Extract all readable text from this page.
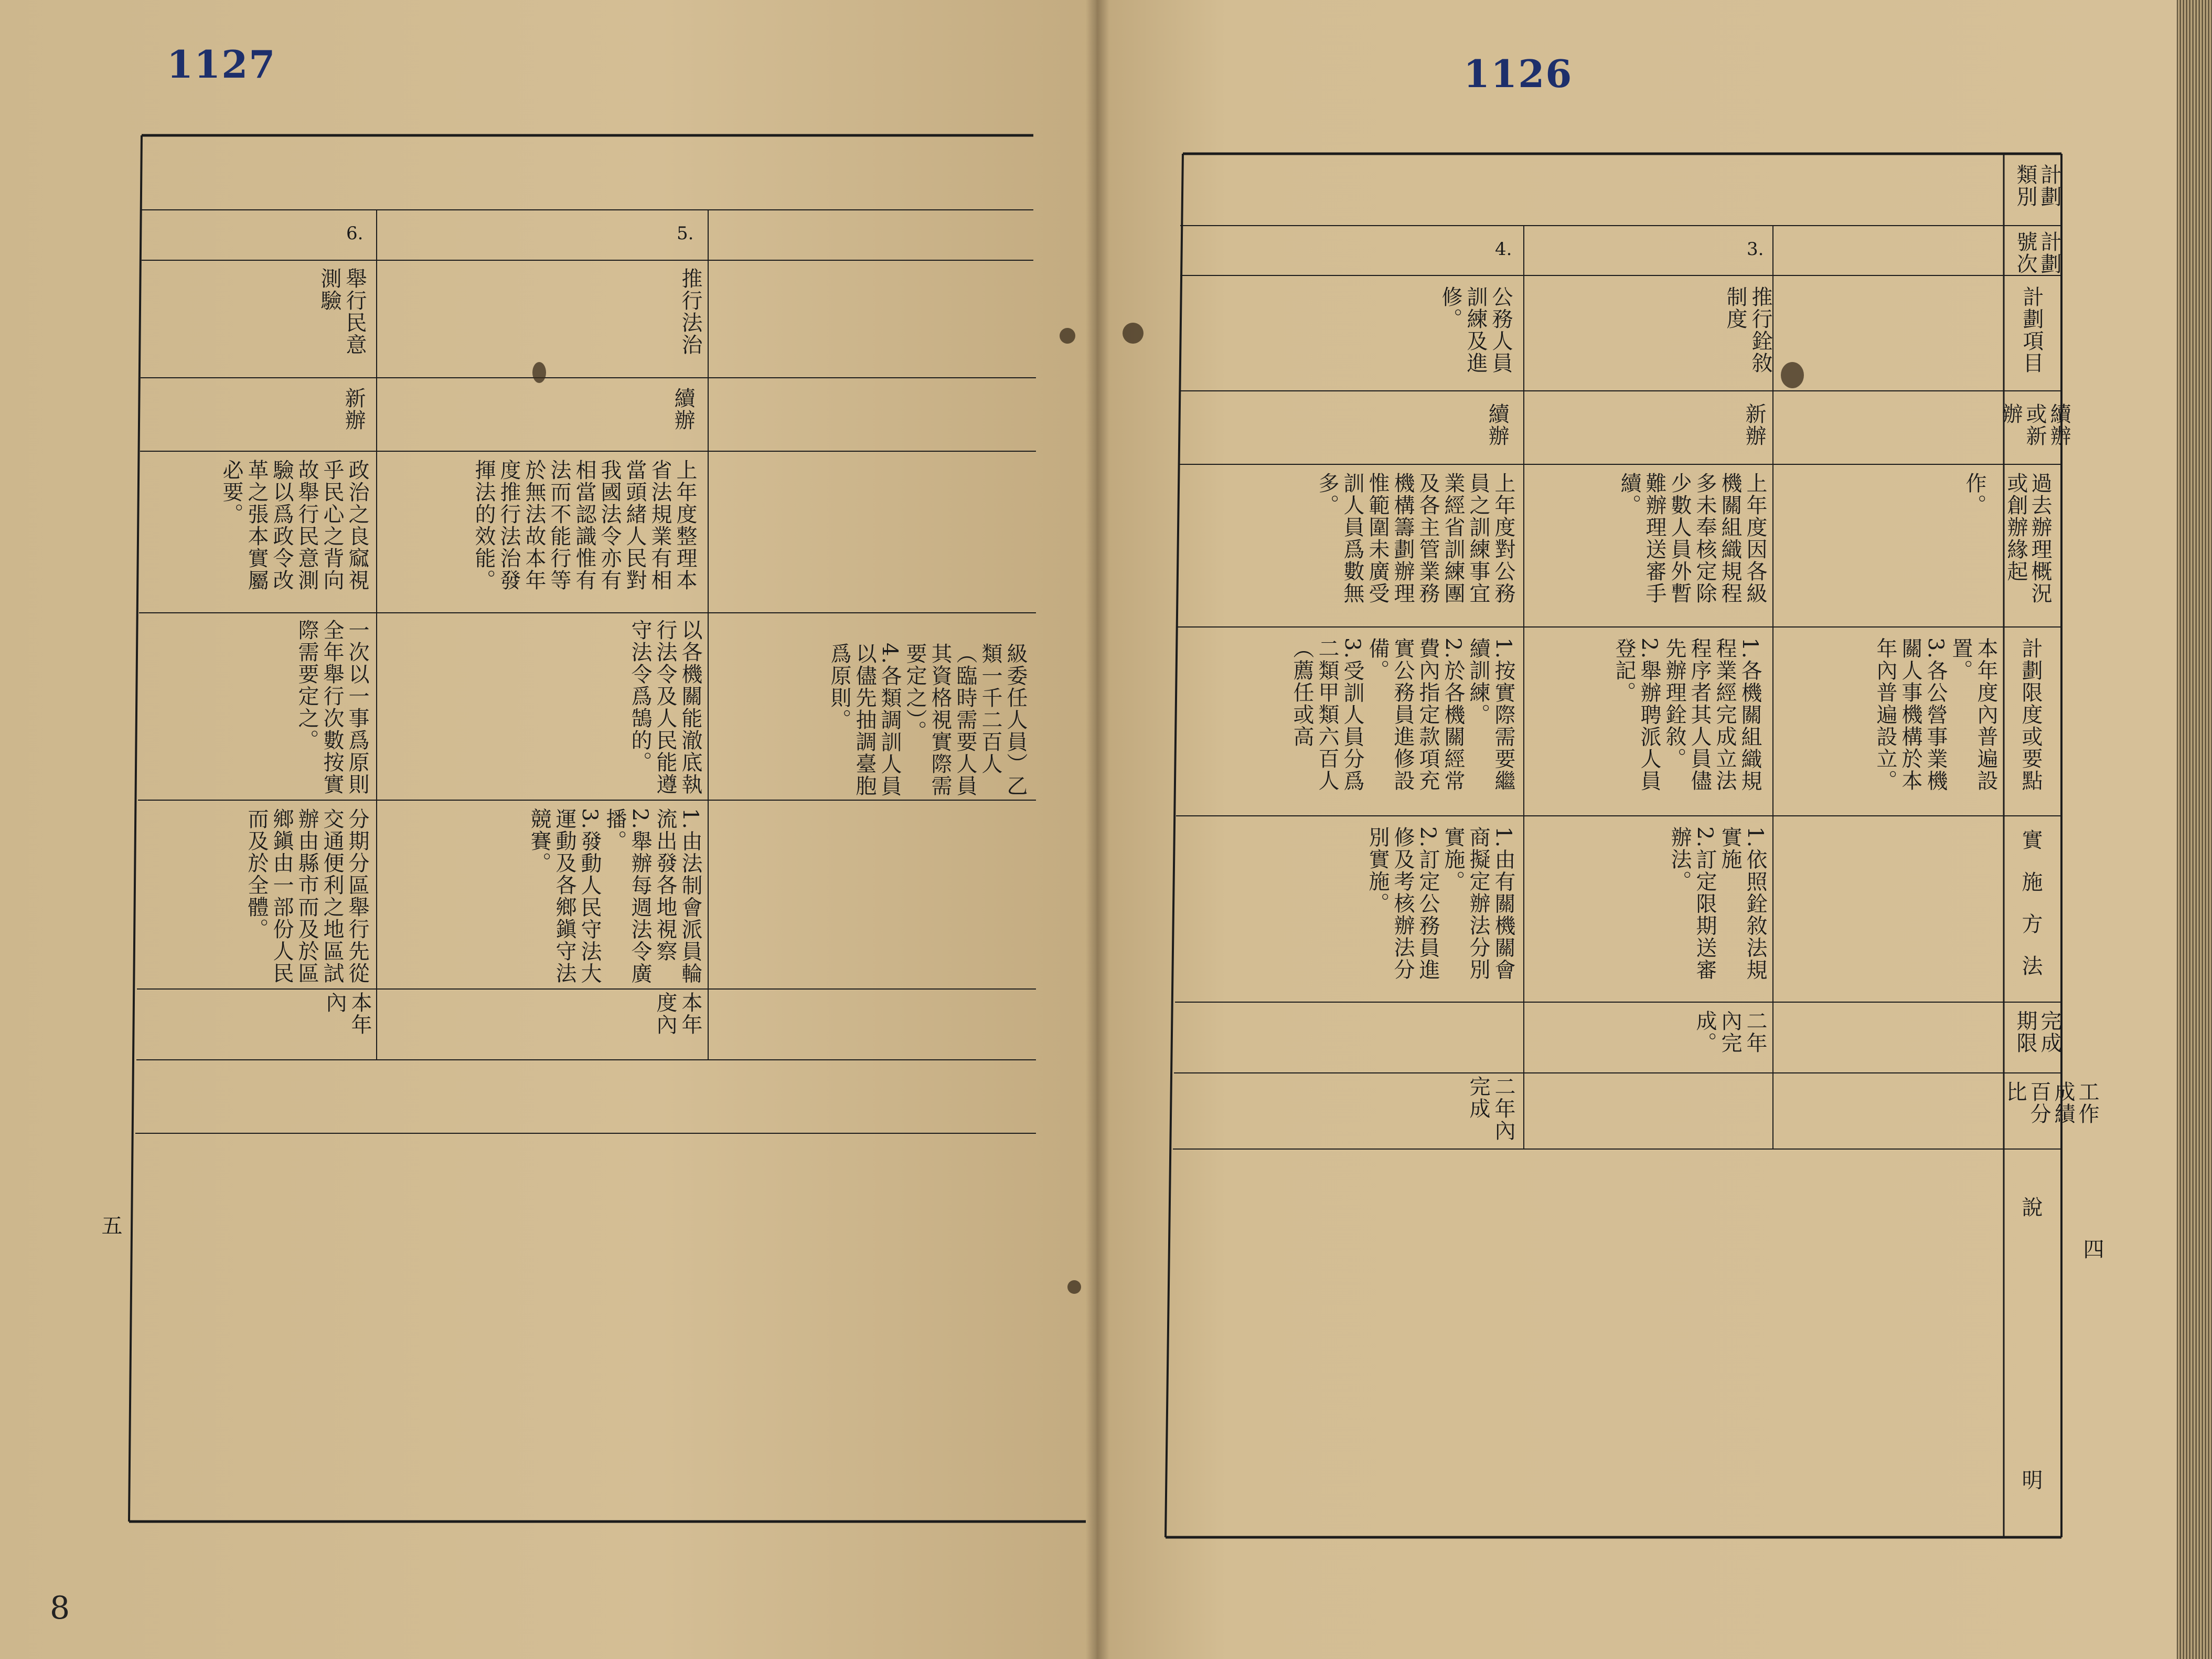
1127	1126
五
四
計劃類別
計劃號次
計劃項目
續辦或新辦
過去辦理概況或創辦緣起
計劃限度或要點
實施方法
完成期限
工作成績百分比
說
明
3.
推行銓敘制度
新辦
上年度因各級機關組織規程多未奉核定除少數人員外暫難辦理送審手續。
1.各機關組織規程業經完成立法程序者其人員儘先辦理銓敘。
2.舉辦聘派人員登記。
1.依照銓敘法規實施
2.訂定限期送審辦法。
二年內完成。
4.
公務人員訓練及進修。
續辦
上年度對公務員之訓練事宜業經省訓練團及各主管業務機構籌劃辦理惟範圍未廣受訓人員爲數無多。
1.按實際需要繼續訓練。
2.於各機關經常費內指定款項充實公務員進修設備。
3.受訓人員分爲二類甲類六百人（薦任或高
1.由有關機關會商擬定辦法分別實施。
2.訂定公務員進修及考核辦法分別實施。
二年內完成
作。
本年度內普遍設置。
3.各公營事業機關人事機構於本年內普遍設立。
級委任人員）乙類一千二百人（臨時需要人員其資格視實際需要定之）。
4.各類調訓人員以儘先抽調臺胞爲原則。
5.
推行法治
續辦
上年度整理本省法規業有相當頭緒人民對我國法令亦有相當認識惟有法而不能行等於無法故本年度推行法治發揮法的效能。
以各機關能澈底執行法令及人民能遵守法令爲鵠的。
1.由法制會派員輪流出發各地視察
2.舉辦每週法令廣播。
3.發動人民守法大運動及各鄉鎭守法競賽。
本年度內
6.
舉行民意測驗
新辦
政治之良窳視乎民心之背向故舉行民意測驗以爲政令改革之張本實屬必要。
一次以一事爲原則全年舉行次數按實際需要定之。
分期分區舉行先從交通便利之地區試辦由縣市而及於區鄉鎭由一部份人民而及於全體。
本年內
8
